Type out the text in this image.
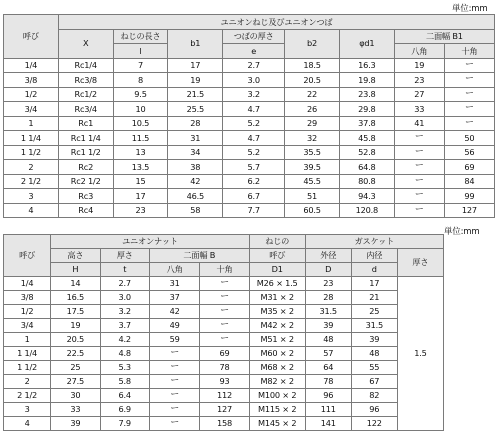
単位:mm
呼び	ユニオンねじ及びユニオンつば							
	X	ねじの長さ	b1	つばの厚さ	b2	φd1	二面幅 B1	
		l		e			八角	十角
1/4	Rc1/4	7	17	2.7	18.5	16.3	19	ー
3/8	Rc3/8	8	19	3.0	20.5	19.8	23	ー
1/2	Rc1/2	9.5	21.5	3.2	22	23.8	27	ー
3/4	Rc3/4	10	25.5	4.7	26	29.8	33	ー
1	Rc1	10.5	28	5.2	29	37.8	41	ー
1 1/4	Rc1 1/4	11.5	31	4.7	32	45.8	ー	50
1 1/2	Rc1 1/2	13	34	5.2	35.5	52.8	ー	56
2	Rc2	13.5	38	5.7	39.5	64.8	ー	69
2 1/2	Rc2 1/2	15	42	6.2	45.5	80.8	ー	84
3	Rc3	17	46.5	6.7	51	94.3	ー	99
4	Rc4	23	58	7.7	60.5	120.8	ー	127
単位:mm
呼び	ユニオンナット				ねじの	ガスケット		
	高さ	厚さ	二面幅 B		呼び	外径	内径	厚さ
	H	t	八角	十角	D1	D	d	
1/4	14	2.7	31	ー	M26 × 1.5	23	17	1.5
3/8	16.5	3.0	37	ー	M31 × 2	28	21	
1/2	17.5	3.2	42	ー	M35 × 2	31.5	25	
3/4	19	3.7	49	ー	M42 × 2	39	31.5	
1	20.5	4.2	59	ー	M51 × 2	48	39	
1 1/4	22.5	4.8	ー	69	M60 × 2	57	48	
1 1/2	25	5.3	ー	78	M68 × 2	64	55	
2	27.5	5.8	ー	93	M82 × 2	78	67	
2 1/2	30	6.4	ー	112	M100 × 2	96	82	
3	33	6.9	ー	127	M115 × 2	111	96	
4	39	7.9	ー	158	M145 × 2	141	122	
